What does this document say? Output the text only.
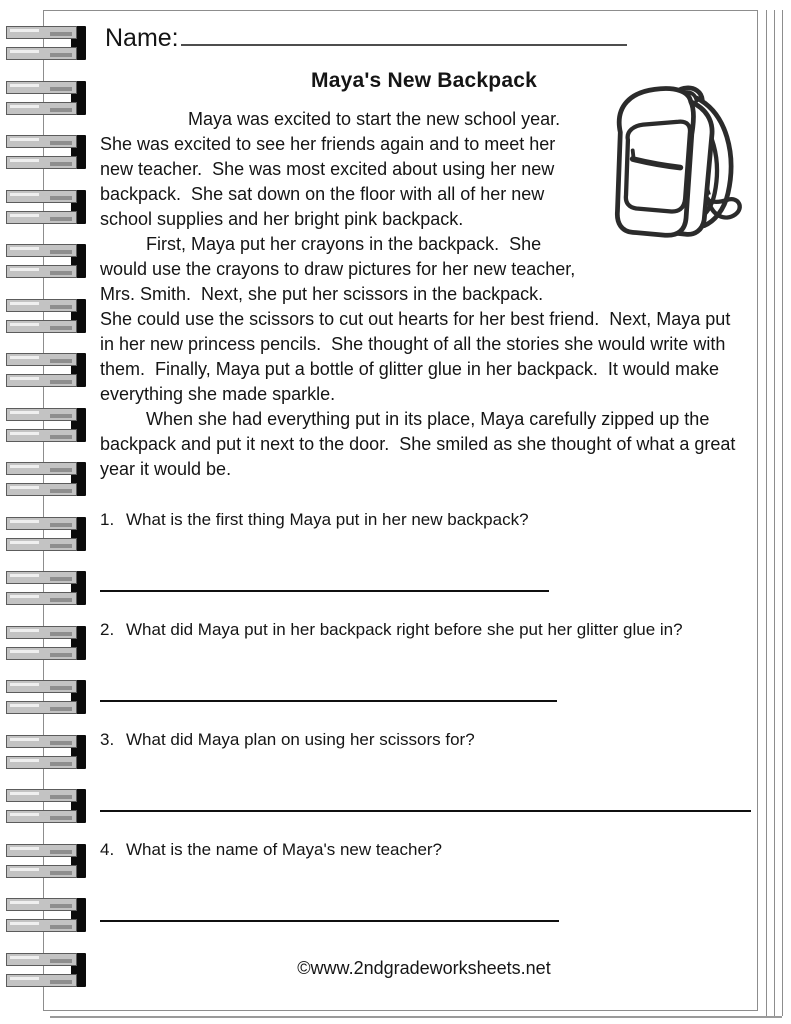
Name:
Maya's New Backpack

Maya was excited to start the new school year.  She was excited to see her friends again and to meet her new teacher.  She was most excited about using her new backpack.  She sat down on the floor with all of her new school supplies and her bright pink backpack.

First, Maya put her crayons in the backpack.  She would use the crayons to draw pictures for her new teacher, Mrs. Smith.  Next, she put her scissors in the backpack.  She could use the scissors to cut out hearts for her best friend.  Next, Maya put in her new princess pencils.  She thought of all the stories she would write with them.  Finally, Maya put a bottle of glitter glue in her backpack.  It would make everything she made sparkle.

When she had everything put in its place, Maya carefully zipped up the backpack and put it next to the door.  She smiled as she thought of what a great year it would be.

1. What is the first thing Maya put in her new backpack?
2. What did Maya put in her backpack right before she put her glitter glue in?
3. What did Maya plan on using her scissors for?
4. What is the name of Maya's new teacher?
©www.2ndgradeworksheets.net
